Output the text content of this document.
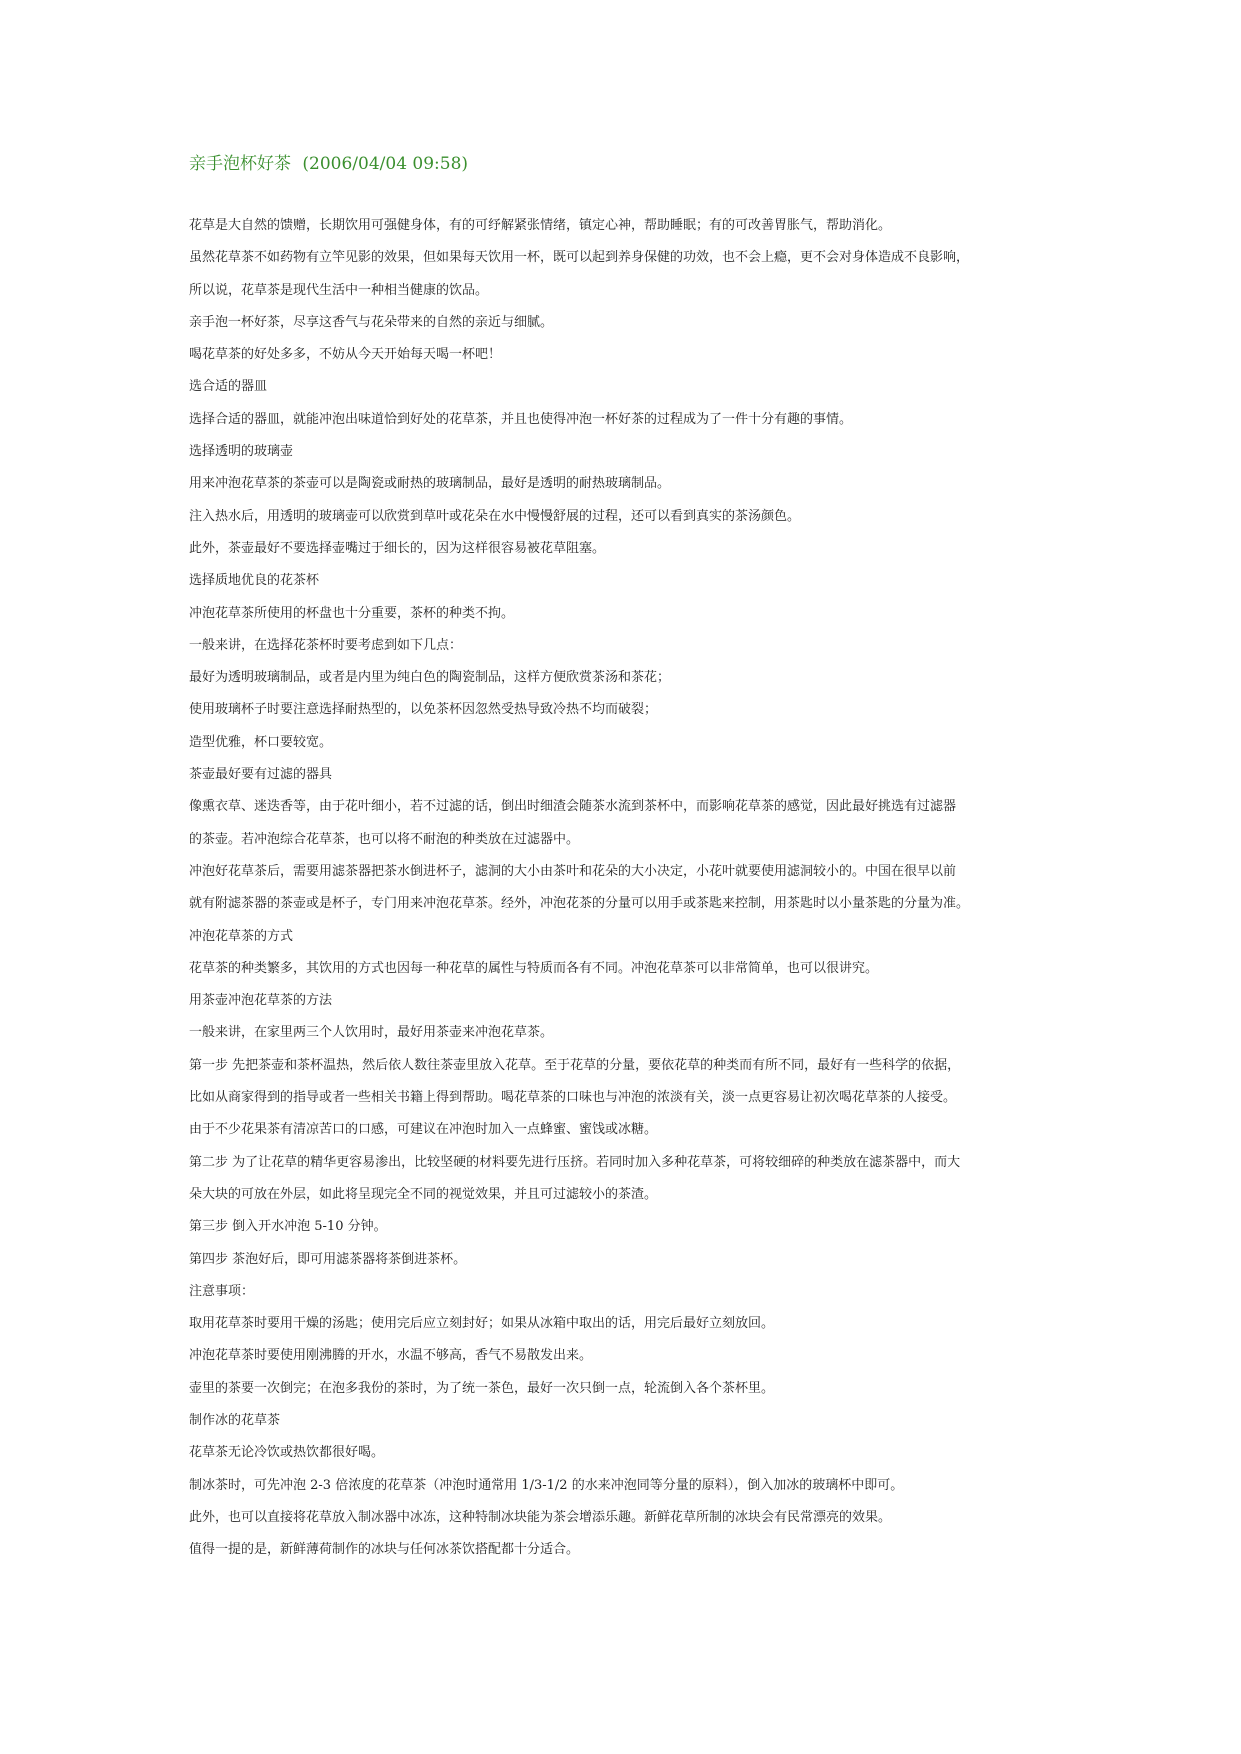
亲手泡杯好茶 (2006/04/04 09:58)
花草是大自然的馈赠，长期饮用可强健身体，有的可纾解紧张情绪，镇定心神，帮助睡眠；有的可改善胃胀气，帮助消化。
虽然花草茶不如药物有立竿见影的效果，但如果每天饮用一杯，既可以起到养身保健的功效，也不会上瘾，更不会对身体造成不良影响，
所以说，花草茶是现代生活中一种相当健康的饮品。
亲手泡一杯好茶，尽享这香气与花朵带来的自然的亲近与细腻。
喝花草茶的好处多多，不妨从今天开始每天喝一杯吧！
选合适的器皿
选择合适的器皿，就能冲泡出味道恰到好处的花草茶，并且也使得冲泡一杯好茶的过程成为了一件十分有趣的事情。
选择透明的玻璃壶
用来冲泡花草茶的茶壶可以是陶瓷或耐热的玻璃制品，最好是透明的耐热玻璃制品。
注入热水后，用透明的玻璃壶可以欣赏到草叶或花朵在水中慢慢舒展的过程，还可以看到真实的茶汤颜色。
此外，茶壶最好不要选择壶嘴过于细长的，因为这样很容易被花草阻塞。
选择质地优良的花茶杯
冲泡花草茶所使用的杯盘也十分重要，茶杯的种类不拘。
一般来讲，在选择花茶杯时要考虑到如下几点：
最好为透明玻璃制品，或者是内里为纯白色的陶瓷制品，这样方便欣赏茶汤和茶花；
使用玻璃杯子时要注意选择耐热型的，以免茶杯因忽然受热导致冷热不均而破裂；
造型优雅，杯口要较宽。
茶壶最好要有过滤的器具
像熏衣草、迷迭香等，由于花叶细小，若不过滤的话，倒出时细渣会随茶水流到茶杯中，而影响花草茶的感觉，因此最好挑选有过滤器
的茶壶。若冲泡综合花草茶，也可以将不耐泡的种类放在过滤器中。
冲泡好花草茶后，需要用滤茶器把茶水倒进杯子，滤洞的大小由茶叶和花朵的大小决定，小花叶就要使用滤洞较小的。中国在很早以前
就有附滤茶器的茶壶或是杯子，专门用来冲泡花草茶。经外，冲泡花茶的分量可以用手或茶匙来控制，用茶匙时以小量茶匙的分量为准。
冲泡花草茶的方式
花草茶的种类繁多，其饮用的方式也因每一种花草的属性与特质而各有不同。冲泡花草茶可以非常简单，也可以很讲究。
用茶壶冲泡花草茶的方法
一般来讲，在家里两三个人饮用时，最好用茶壶来冲泡花草茶。
第一步 先把茶壶和茶杯温热，然后依人数往茶壶里放入花草。至于花草的分量，要依花草的种类而有所不同，最好有一些科学的依据，
比如从商家得到的指导或者一些相关书籍上得到帮助。喝花草茶的口味也与冲泡的浓淡有关，淡一点更容易让初次喝花草茶的人接受。
由于不少花果茶有清凉苦口的口感，可建议在冲泡时加入一点蜂蜜、蜜饯或冰糖。
第二步 为了让花草的精华更容易渗出，比较坚硬的材料要先进行压挤。若同时加入多种花草茶，可将较细碎的种类放在滤茶器中，而大
朵大块的可放在外层，如此将呈现完全不同的视觉效果，并且可过滤较小的茶渣。
第三步 倒入开水冲泡 5-10 分钟。
第四步 茶泡好后，即可用滤茶器将茶倒进茶杯。
注意事项：
取用花草茶时要用干燥的汤匙；使用完后应立刻封好；如果从冰箱中取出的话，用完后最好立刻放回。
冲泡花草茶时要使用刚沸腾的开水，水温不够高，香气不易散发出来。
壶里的茶要一次倒完；在泡多我份的茶时，为了统一茶色，最好一次只倒一点，轮流倒入各个茶杯里。
制作冰的花草茶
花草茶无论冷饮或热饮都很好喝。
制冰茶时，可先冲泡 2-3 倍浓度的花草茶（冲泡时通常用 1/3-1/2 的水来冲泡同等分量的原料），倒入加冰的玻璃杯中即可。
此外，也可以直接将花草放入制冰器中冰冻，这种特制冰块能为茶会增添乐趣。新鲜花草所制的冰块会有民常漂亮的效果。
值得一提的是，新鲜薄荷制作的冰块与任何冰茶饮搭配都十分适合。
